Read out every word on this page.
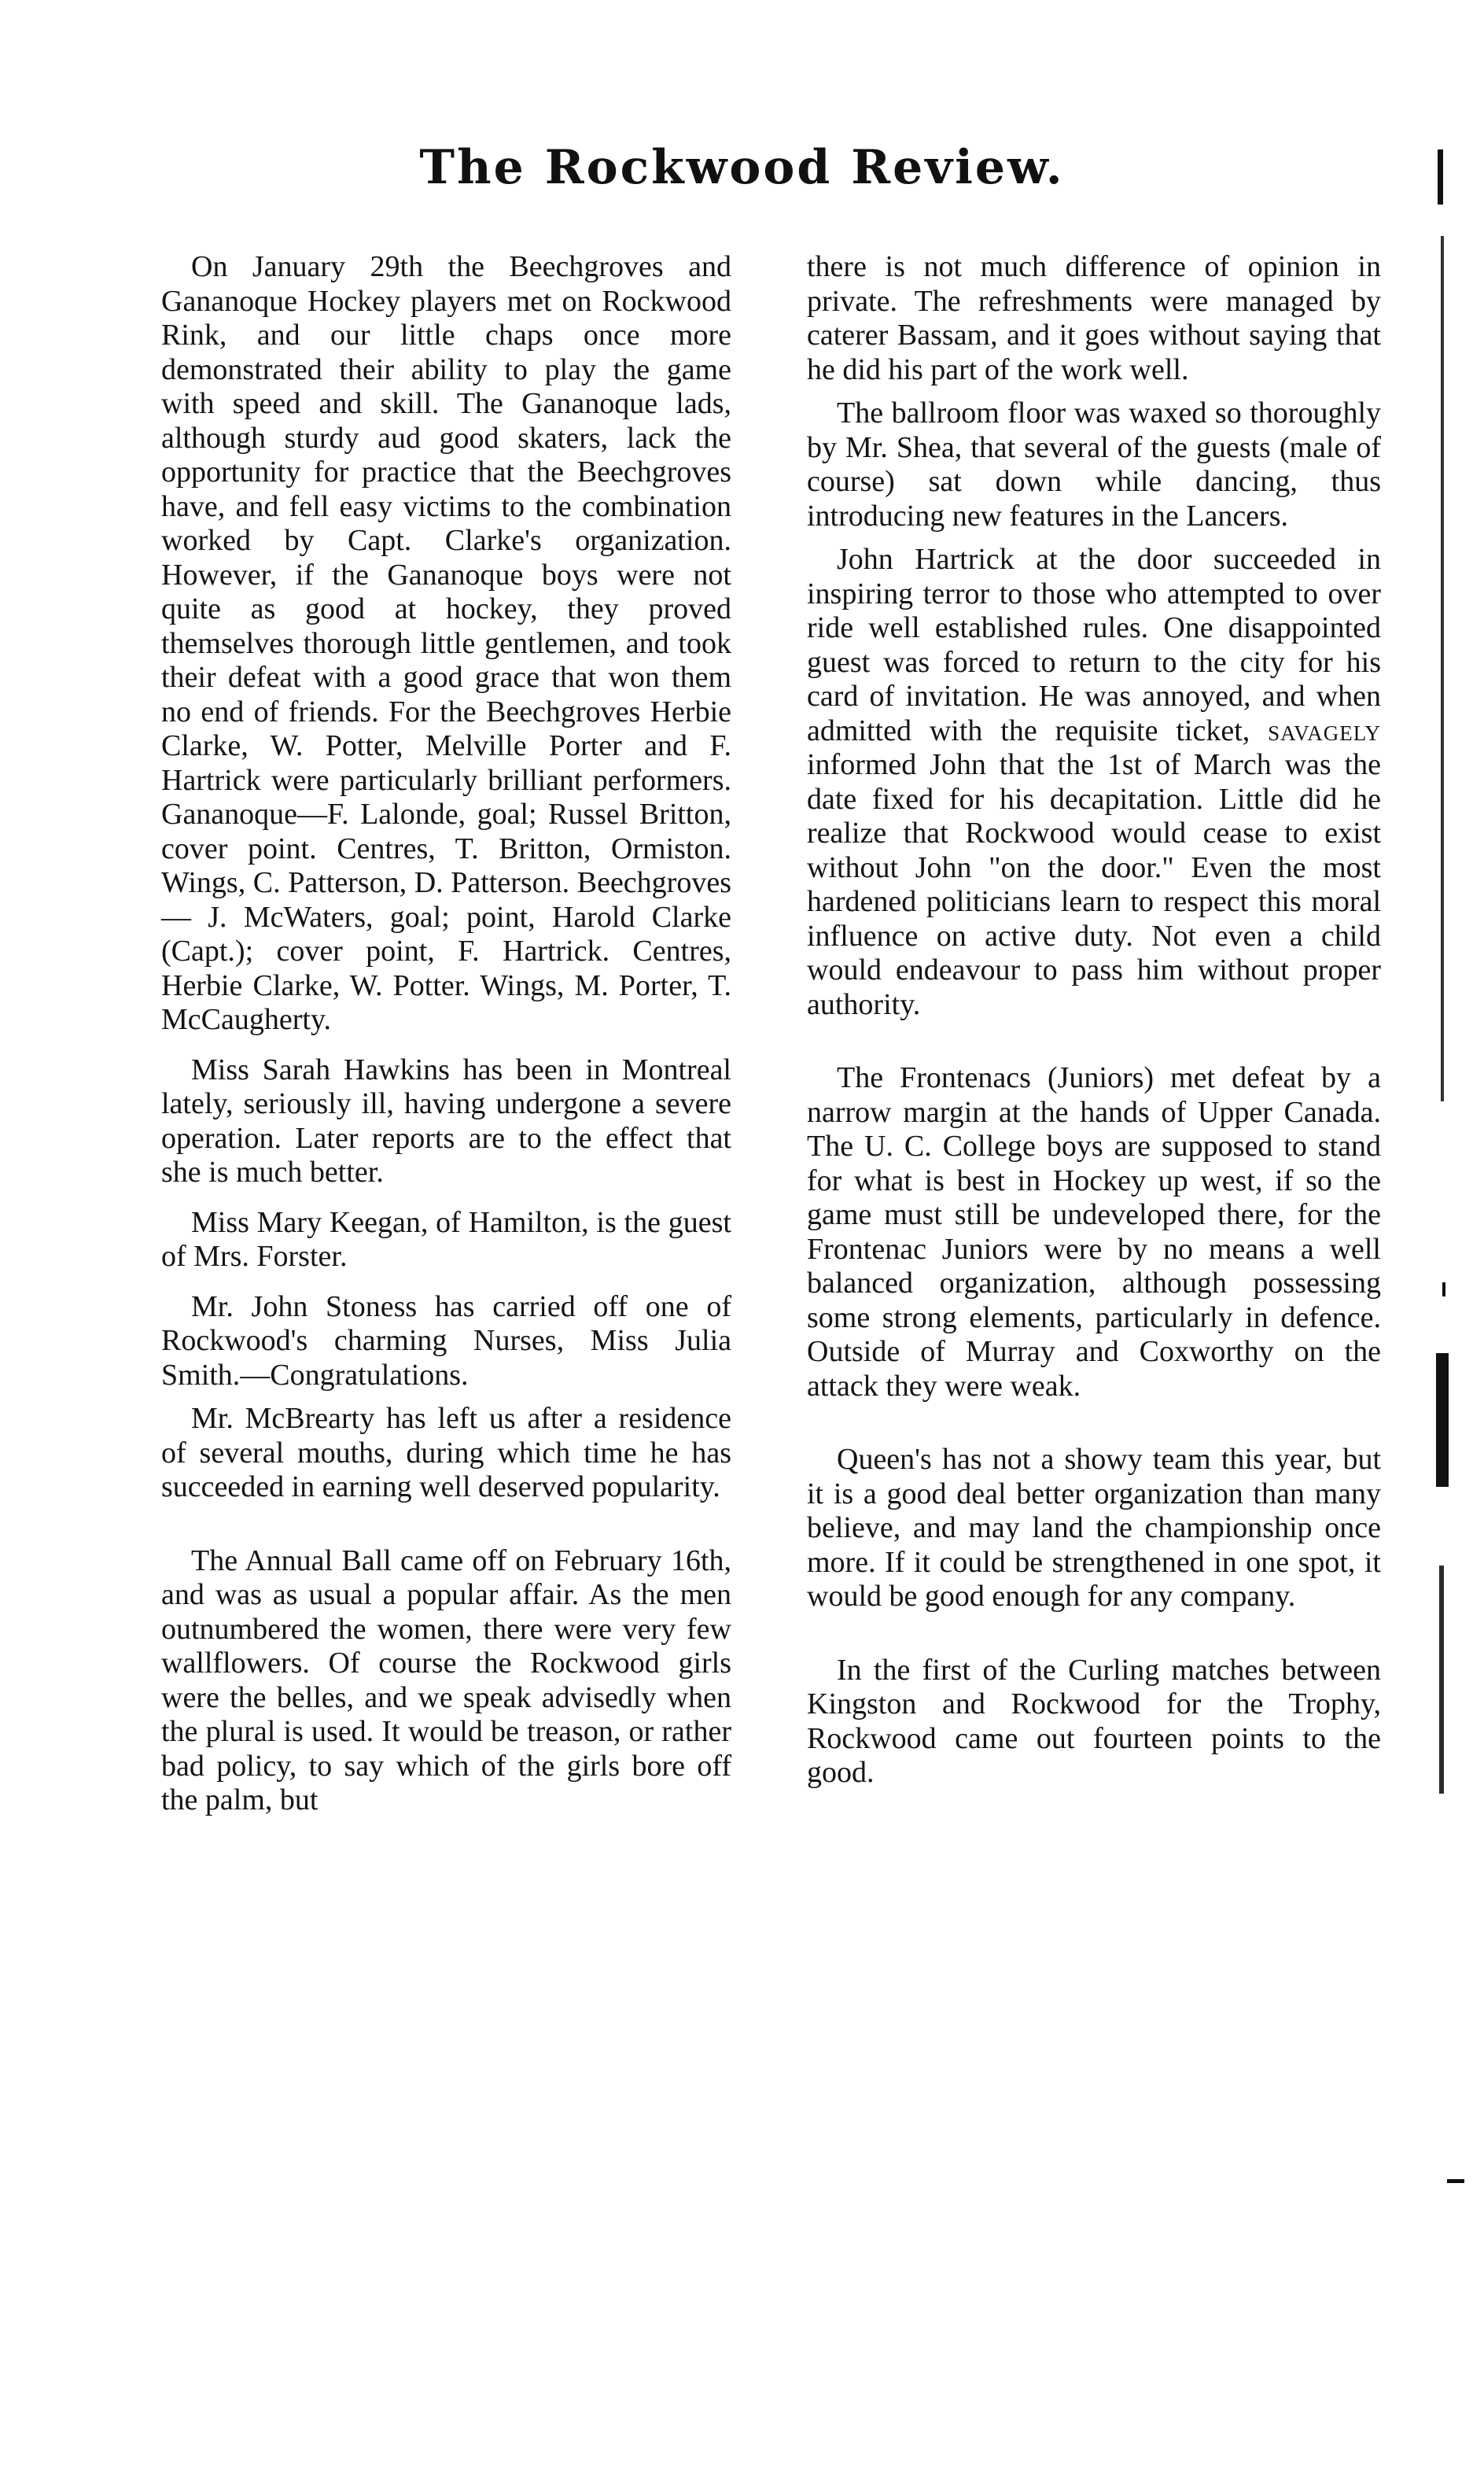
The Rockwood Review.

On January 29th the Beechgroves and Gananoque Hockey players met on Rockwood Rink, and our little chaps once more demonstrated their ability to play the game with speed and skill. The Gananoque lads, although sturdy aud good skaters, lack the opportunity for practice that the Beechgroves have, and fell easy victims to the combination worked by Capt. Clarke's organization. However, if the Gananoque boys were not quite as good at hockey, they proved themselves thorough little gentlemen, and took their defeat with a good grace that won them no end of friends. For the Beechgroves Herbie Clarke, W. Potter, Melville Porter and F. Hartrick were particularly brilliant performers. Gananoque—F. Lalonde, goal; Russel Britton, cover point. Centres, T. Britton, Ormiston. Wings, C. Patterson, D. Patterson. Beechgroves — J. McWaters, goal; point, Harold Clarke (Capt.); cover point, F. Hartrick. Centres, Herbie Clarke, W. Potter. Wings, M. Porter, T. McCaugherty.

Miss Sarah Hawkins has been in Montreal lately, seriously ill, having undergone a severe operation. Later reports are to the effect that she is much better.

Miss Mary Keegan, of Hamilton, is the guest of Mrs. Forster.

Mr. John Stoness has carried off one of Rockwood's charming Nurses, Miss Julia Smith.—Congratulations.

Mr. McBrearty has left us after a residence of several mouths, during which time he has succeeded in earning well deserved popularity.

The Annual Ball came off on February 16th, and was as usual a popular affair. As the men outnumbered the women, there were very few wallflowers. Of course the Rockwood girls were the belles, and we speak advisedly when the plural is used. It would be treason, or rather bad policy, to say which of the girls bore off the palm, but

there is not much difference of opinion in private. The refreshments were managed by caterer Bassam, and it goes without saying that he did his part of the work well.

The ballroom floor was waxed so thoroughly by Mr. Shea, that several of the guests (male of course) sat down while dancing, thus introducing new features in the Lancers.

John Hartrick at the door succeeded in inspiring terror to those who attempted to over ride well established rules. One disappointed guest was forced to return to the city for his card of invitation. He was annoyed, and when admitted with the requisite ticket, savagely informed John that the 1st of March was the date fixed for his decapitation. Little did he realize that Rockwood would cease to exist without John "on the door." Even the most hardened politicians learn to respect this moral influence on active duty. Not even a child would endeavour to pass him without proper authority.

The Frontenacs (Juniors) met defeat by a narrow margin at the hands of Upper Canada. The U. C. College boys are supposed to stand for what is best in Hockey up west, if so the game must still be undeveloped there, for the Frontenac Juniors were by no means a well balanced organization, although possessing some strong elements, particularly in defence. Outside of Murray and Coxworthy on the attack they were weak.

Queen's has not a showy team this year, but it is a good deal better organization than many believe, and may land the championship once more. If it could be strengthened in one spot, it would be good enough for any company.

In the first of the Curling matches between Kingston and Rockwood for the Trophy, Rockwood came out fourteen points to the good.
